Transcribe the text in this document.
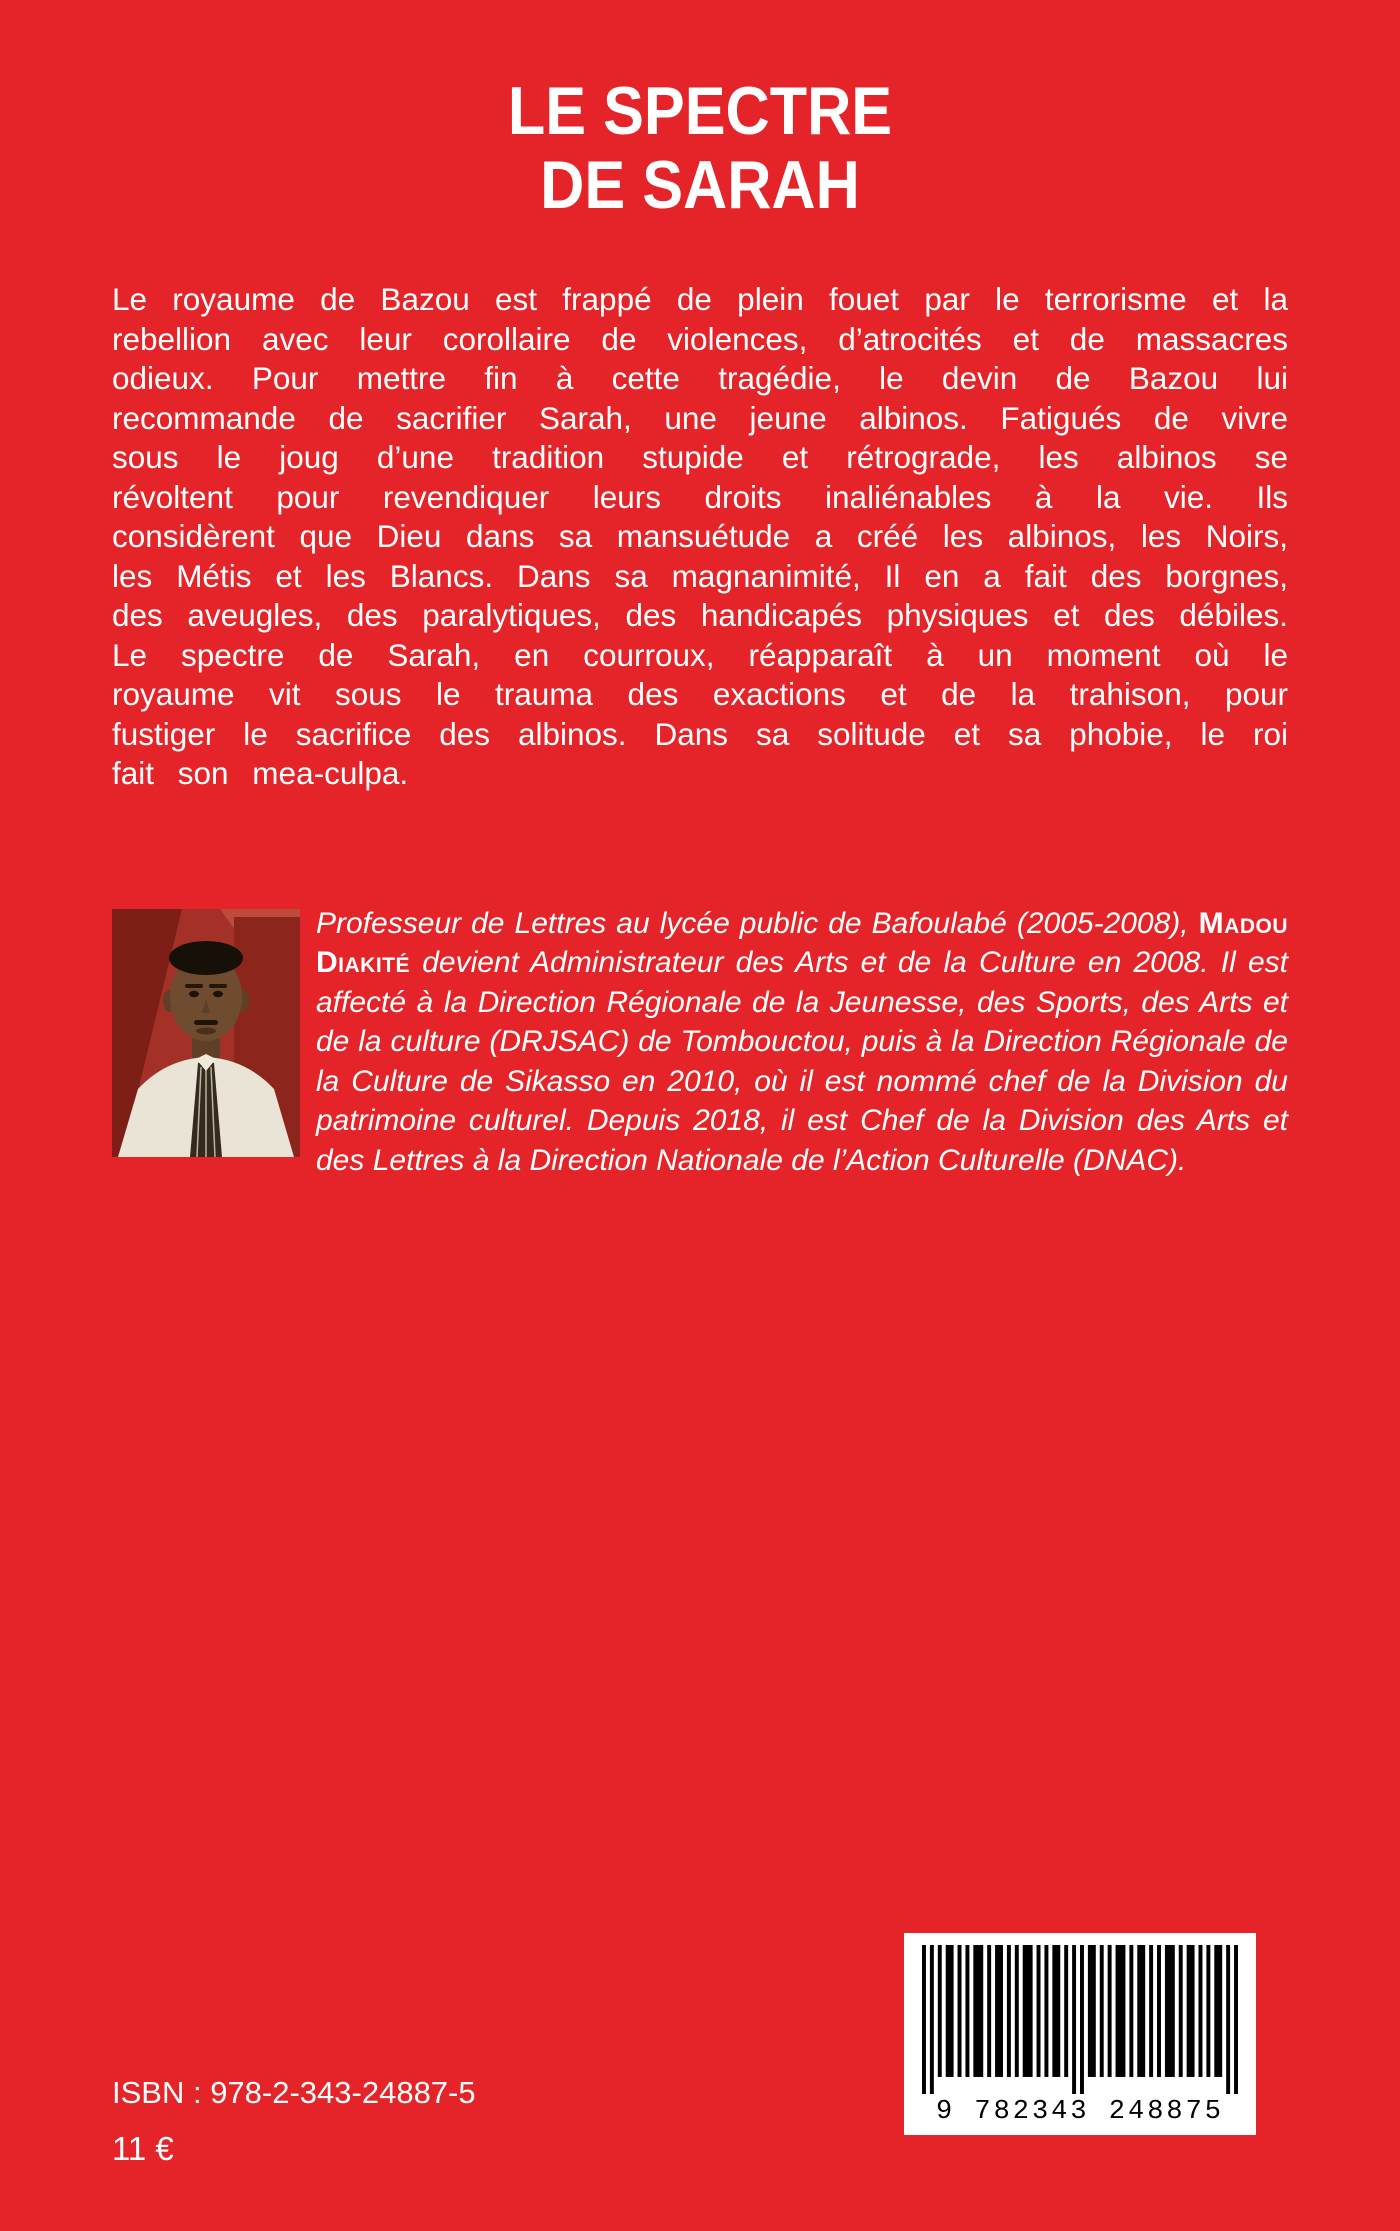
LE SPECTRE
DE SARAH

Le royaume de Bazou est frappé de plein fouet par le terrorisme et la rebellion avec leur corollaire de violences, d’atrocités et de massacres odieux. Pour mettre fin à cette tragédie, le devin de Bazou lui recommande de sacrifier Sarah, une jeune albinos. Fatigués de vivre sous le joug d’une tradition stupide et rétrograde, les albinos se révoltent pour revendiquer leurs droits inaliénables à la vie. Ils considèrent que Dieu dans sa mansuétude a créé les albinos, les Noirs, les Métis et les Blancs. Dans sa magnanimité, Il en a fait des borgnes, des aveugles, des paralytiques, des handicapés physiques et des débiles. Le spectre de Sarah, en courroux, réapparaît à un moment où le royaume vit sous le trauma des exactions et de la trahison, pour fustiger le sacrifice des albinos. Dans sa solitude et sa phobie, le roi fait son mea-culpa.

Professeur de Lettres au lycée public de Bafoulabé (2005-2008), Madou Diakité devient Administrateur des Arts et de la Culture en 2008. Il est affecté à la Direction Régionale de la Jeunesse, des Sports, des Arts et de la culture (DRJSAC) de Tombouctou, puis à la Direction Régionale de la Culture de Sikasso en 2010, où il est nommé chef de la Division du patrimoine culturel. Depuis 2018, il est Chef de la Division des Arts et des Lettres à la Direction Nationale de l’Action Culturelle (DNAC).
ISBN : 978-2-343-24887-5
11 €
9 782343 248875
